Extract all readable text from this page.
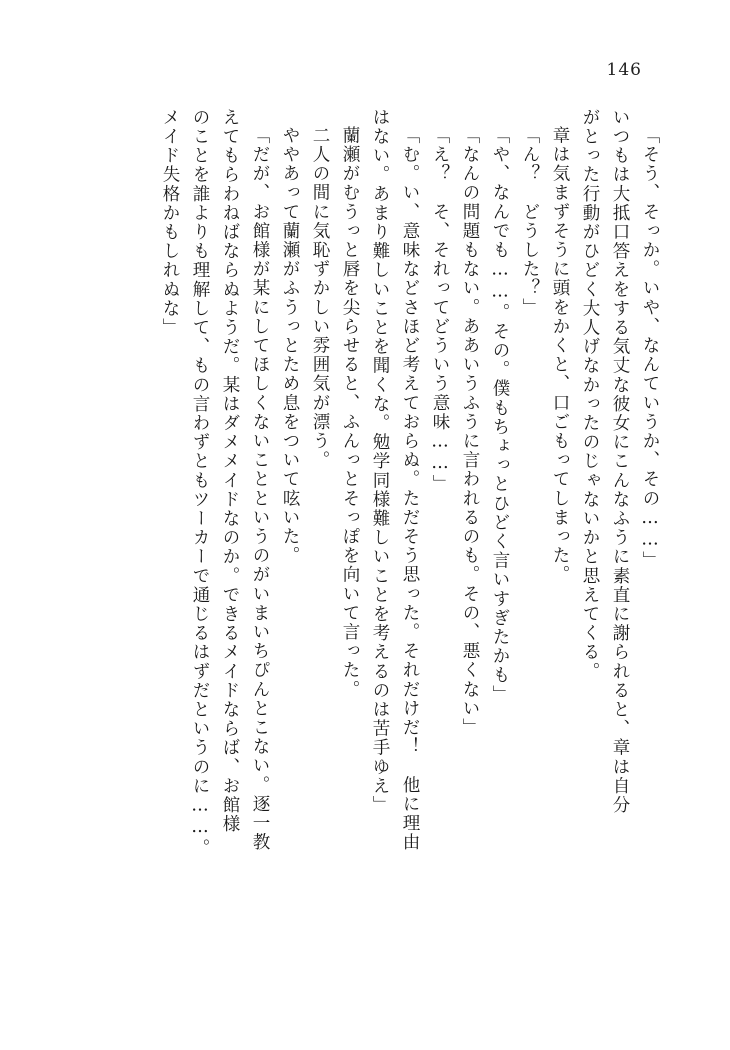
146
「そう、そっか。いや、なんていうか、その……」
いつもは大抵口答えをする気丈な彼女にこんなふうに素直に謝られると、章は自分
がとった行動がひどく大人げなかったのじゃないかと思えてくる。
章は気まずそうに頭をかくと、口ごもってしまった。
「ん？　どうした？」
「や、なんでも……。その。僕もちょっとひどく言いすぎたかも」
「なんの問題もない。ああいうふうに言われるのも。その、悪くない」
「え？　そ、それってどういう意味……」
「む。い、意味などさほど考えておらぬ。ただそう思った。それだけだ！　他に理由
はない。あまり難しいことを聞くな。勉学同様難しいことを考えるのは苦手ゆえ」
蘭瀬がむうっと唇を尖らせると、ふんっとそっぽを向いて言った。
二人の間に気恥ずかしい雰囲気が漂う。
ややあって蘭瀬がふうっとため息をついて呟いた。
「だが、お館様が某にしてほしくないことというのがいまいちぴんとこない。逐一教
えてもらわねばならぬようだ。某はダメメイドなのか。できるメイドならば、お館様
のことを誰よりも理解して、もの言わずともツーカーで通じるはずだというのに……。
メイド失格かもしれぬな」
